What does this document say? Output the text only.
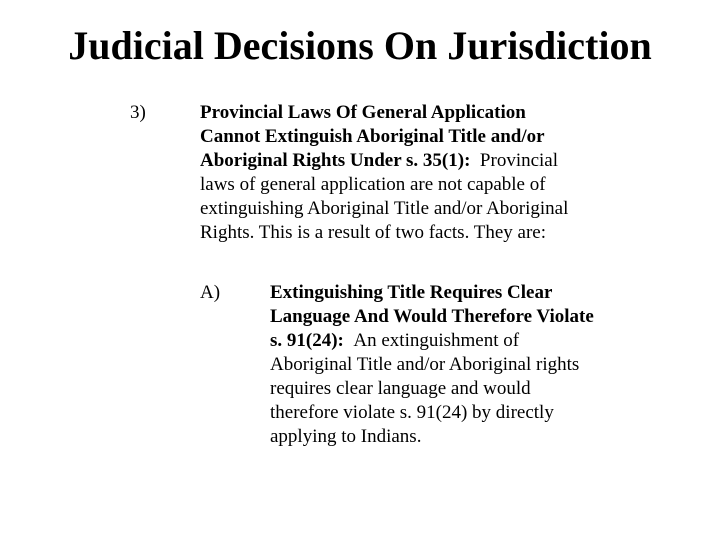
Judicial Decisions On Jurisdiction
3)	Provincial Laws Of General Application
Cannot Extinguish Aboriginal Title and/or
Aboriginal Rights Under s. 35(1): Provincial
laws of general application are not capable of
extinguishing Aboriginal Title and/or Aboriginal
Rights. This is a result of two facts. They are:
A)	Extinguishing Title Requires Clear
Language And Would Therefore Violate
s. 91(24): An extinguishment of
Aboriginal Title and/or Aboriginal rights
requires clear language and would
therefore violate s. 91(24) by directly
applying to Indians.
